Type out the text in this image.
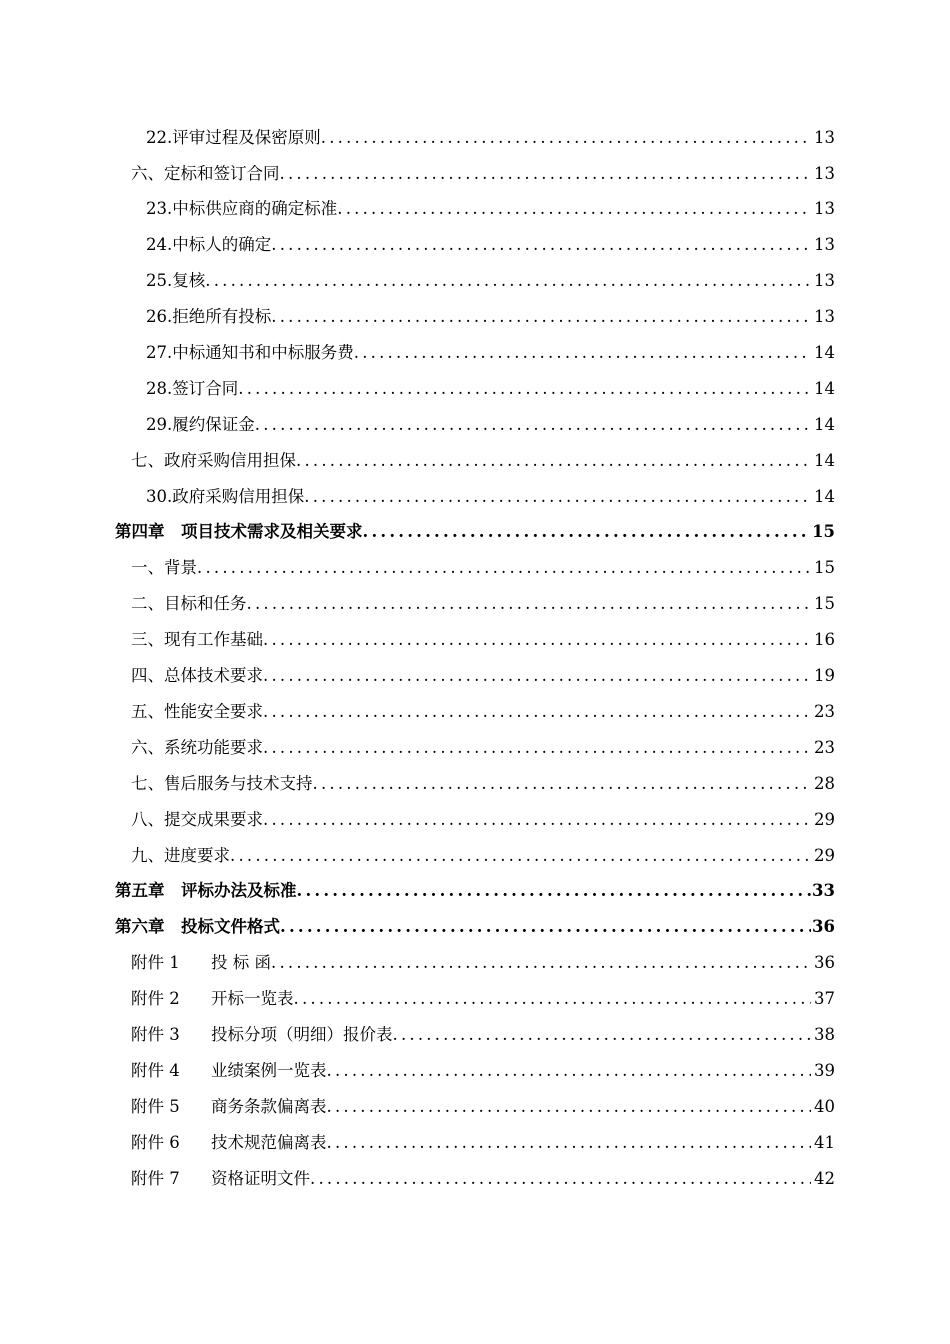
22.评审过程及保密原则 .....	13
六、定标和签订合同 .....	13
23.中标供应商的确定标准 .....	13
24.中标人的确定 .....	13
25.复核 .....	13
26.拒绝所有投标 .....	13
27.中标通知书和中标服务费 .....	14
28.签订合同 .....	14
29.履约保证金 .....	14
七、政府采购信用担保 .....	14
30.政府采购信用担保 .....	14
第四章　项目技术需求及相关要求 .....	15
一、背景 .....	15
二、目标和任务 .....	15
三、现有工作基础 .....	16
四、总体技术要求 .....	19
五、性能安全要求 .....	23
六、系统功能要求 .....	23
七、售后服务与技术支持 .....	28
八、提交成果要求 .....	29
九、进度要求 .....	29
第五章　评标办法及标准 .....	33
第六章　投标文件格式 .....	36
附件 1 投 标 函 .....	36
附件 2 开标一览表 .....	37
附件 3 投标分项（明细）报价表 .....	38
附件 4 业绩案例一览表 .....	39
附件 5 商务条款偏离表 .....	40
附件 6 技术规范偏离表 .....	41
附件 7 资格证明文件 .....	42
